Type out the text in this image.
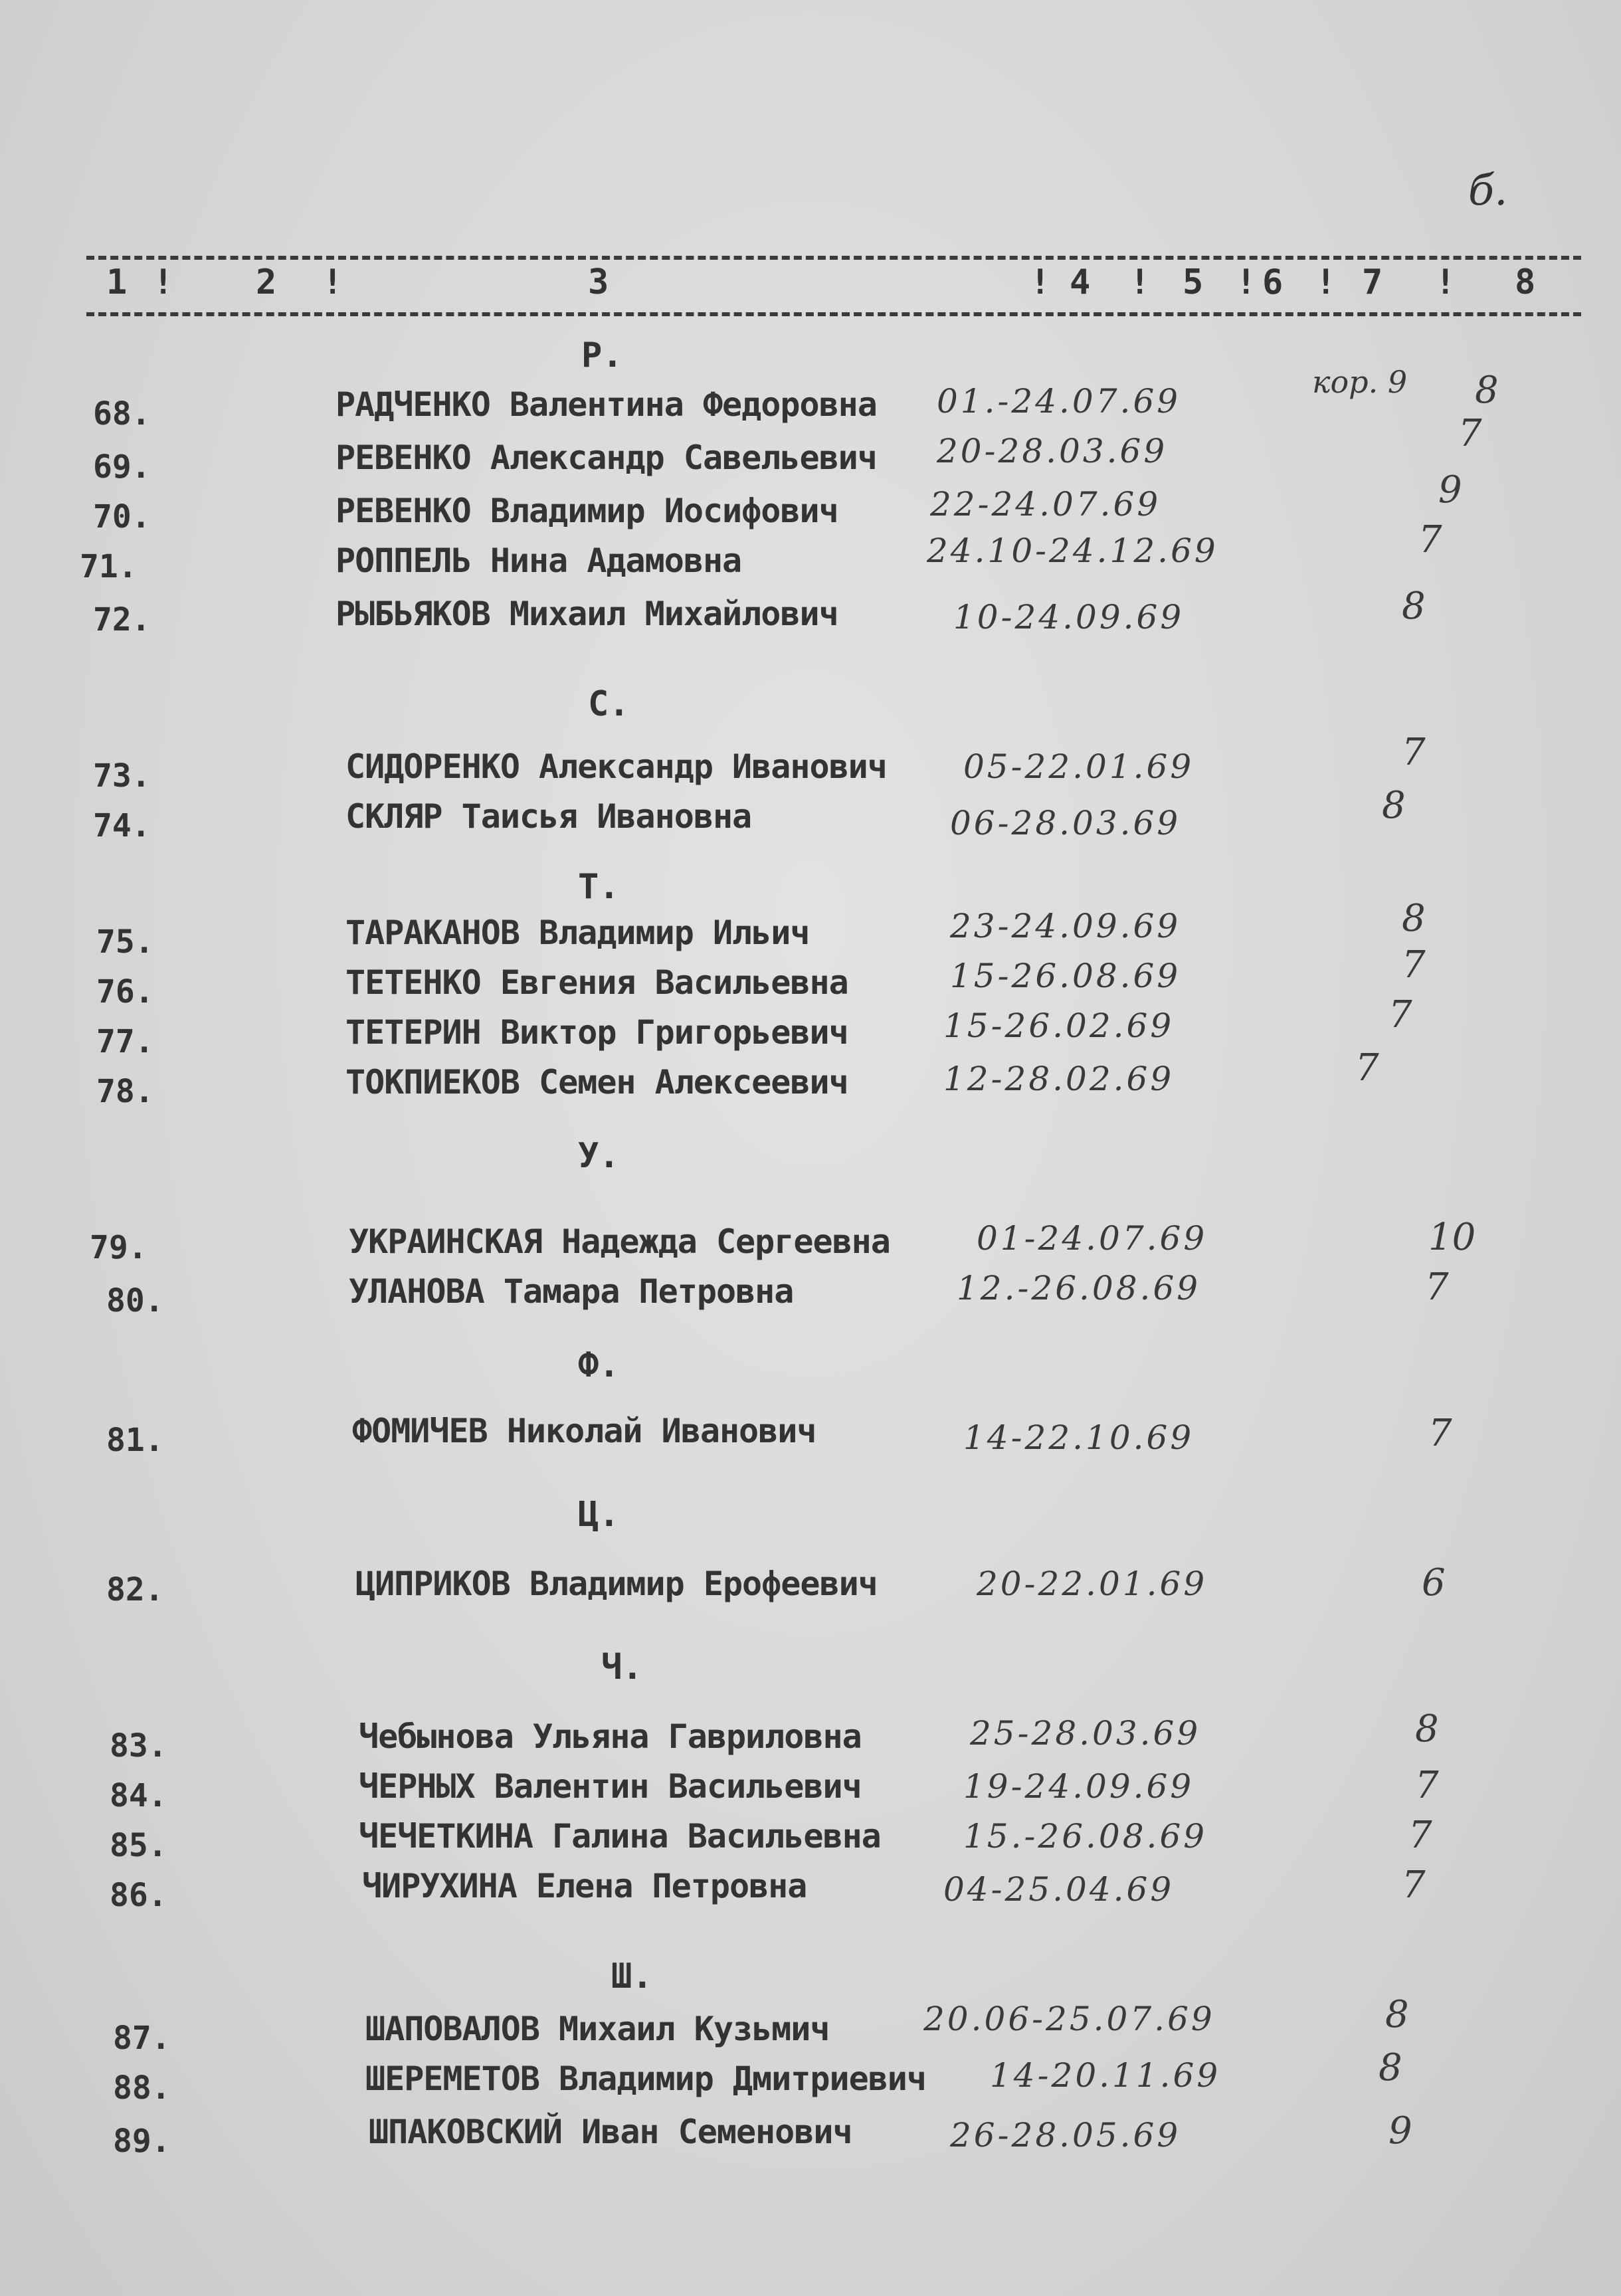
б.
!
1	2 !	3	! 4 ! 5 ! 6 ! 7 ! 8
кор. 9
Р.
68.	РАДЧЕНКО Валентина Федоровна 01.-24.07.69	8
69.	РЕВЕНКО Александр Савельевич 20-28.03.69	7
70.	РЕВЕНКО Владимир Иосифович	22-24.07.69	9
71.	РОППЕЛЬ Нина Адамовна	24.10-24.12.69	7
72.	РЫБЬЯКОВ Михаил Михайлович	10-24.09.69	8
С.
73.	СИДОРЕНКО Александр Иванович 05-22.01.69	7
74.	СКЛЯР Таисья Ивановна	06-28.03.69	8
Т.
75.	ТАРАКАНОВ Владимир Ильич	23-24.09.69	8
76.	ТЕТЕНКО Евгения Васильевна	15-26.08.69	7
77.	ТЕТЕРИН Виктор Григорьевич	15-26.02.69	7
78.	ТОКПИЕКОВ Семен Алексеевич	12-28.02.69	7
У.
79.	УКРАИНСКАЯ Надежда Сергеевна	01-24.07.69	10
80.	УЛАНОВА Тамара Петровна	12.-26.08.69	7
Ф.
81.	ФОМИЧЕВ Николай Иванович	14-22.10.69	7
Ц.
82.	ЦИПРИКОВ Владимир Ерофеевич	20-22.01.69	6
Ч.
83.	Чебынова Ульяна Гавриловна	25-28.03.69	8
84.	ЧЕРНЫХ Валентин Васильевич	19-24.09.69	7
85.	ЧЕЧЕТКИНА Галина Васильевна 15.-26.08.69	7
86.	ЧИРУХИНА Елена Петровна	04-25.04.69	7
Ш.
87.	ШАПОВАЛОВ Михаил Кузьмич	20.06-25.07.69	8
88.	ШЕРЕМЕТОВ Владимир Дмитриевич 14-20.11.69	8
89.	ШПАКОВСКИЙ Иван Семенович	26-28.05.69	9
